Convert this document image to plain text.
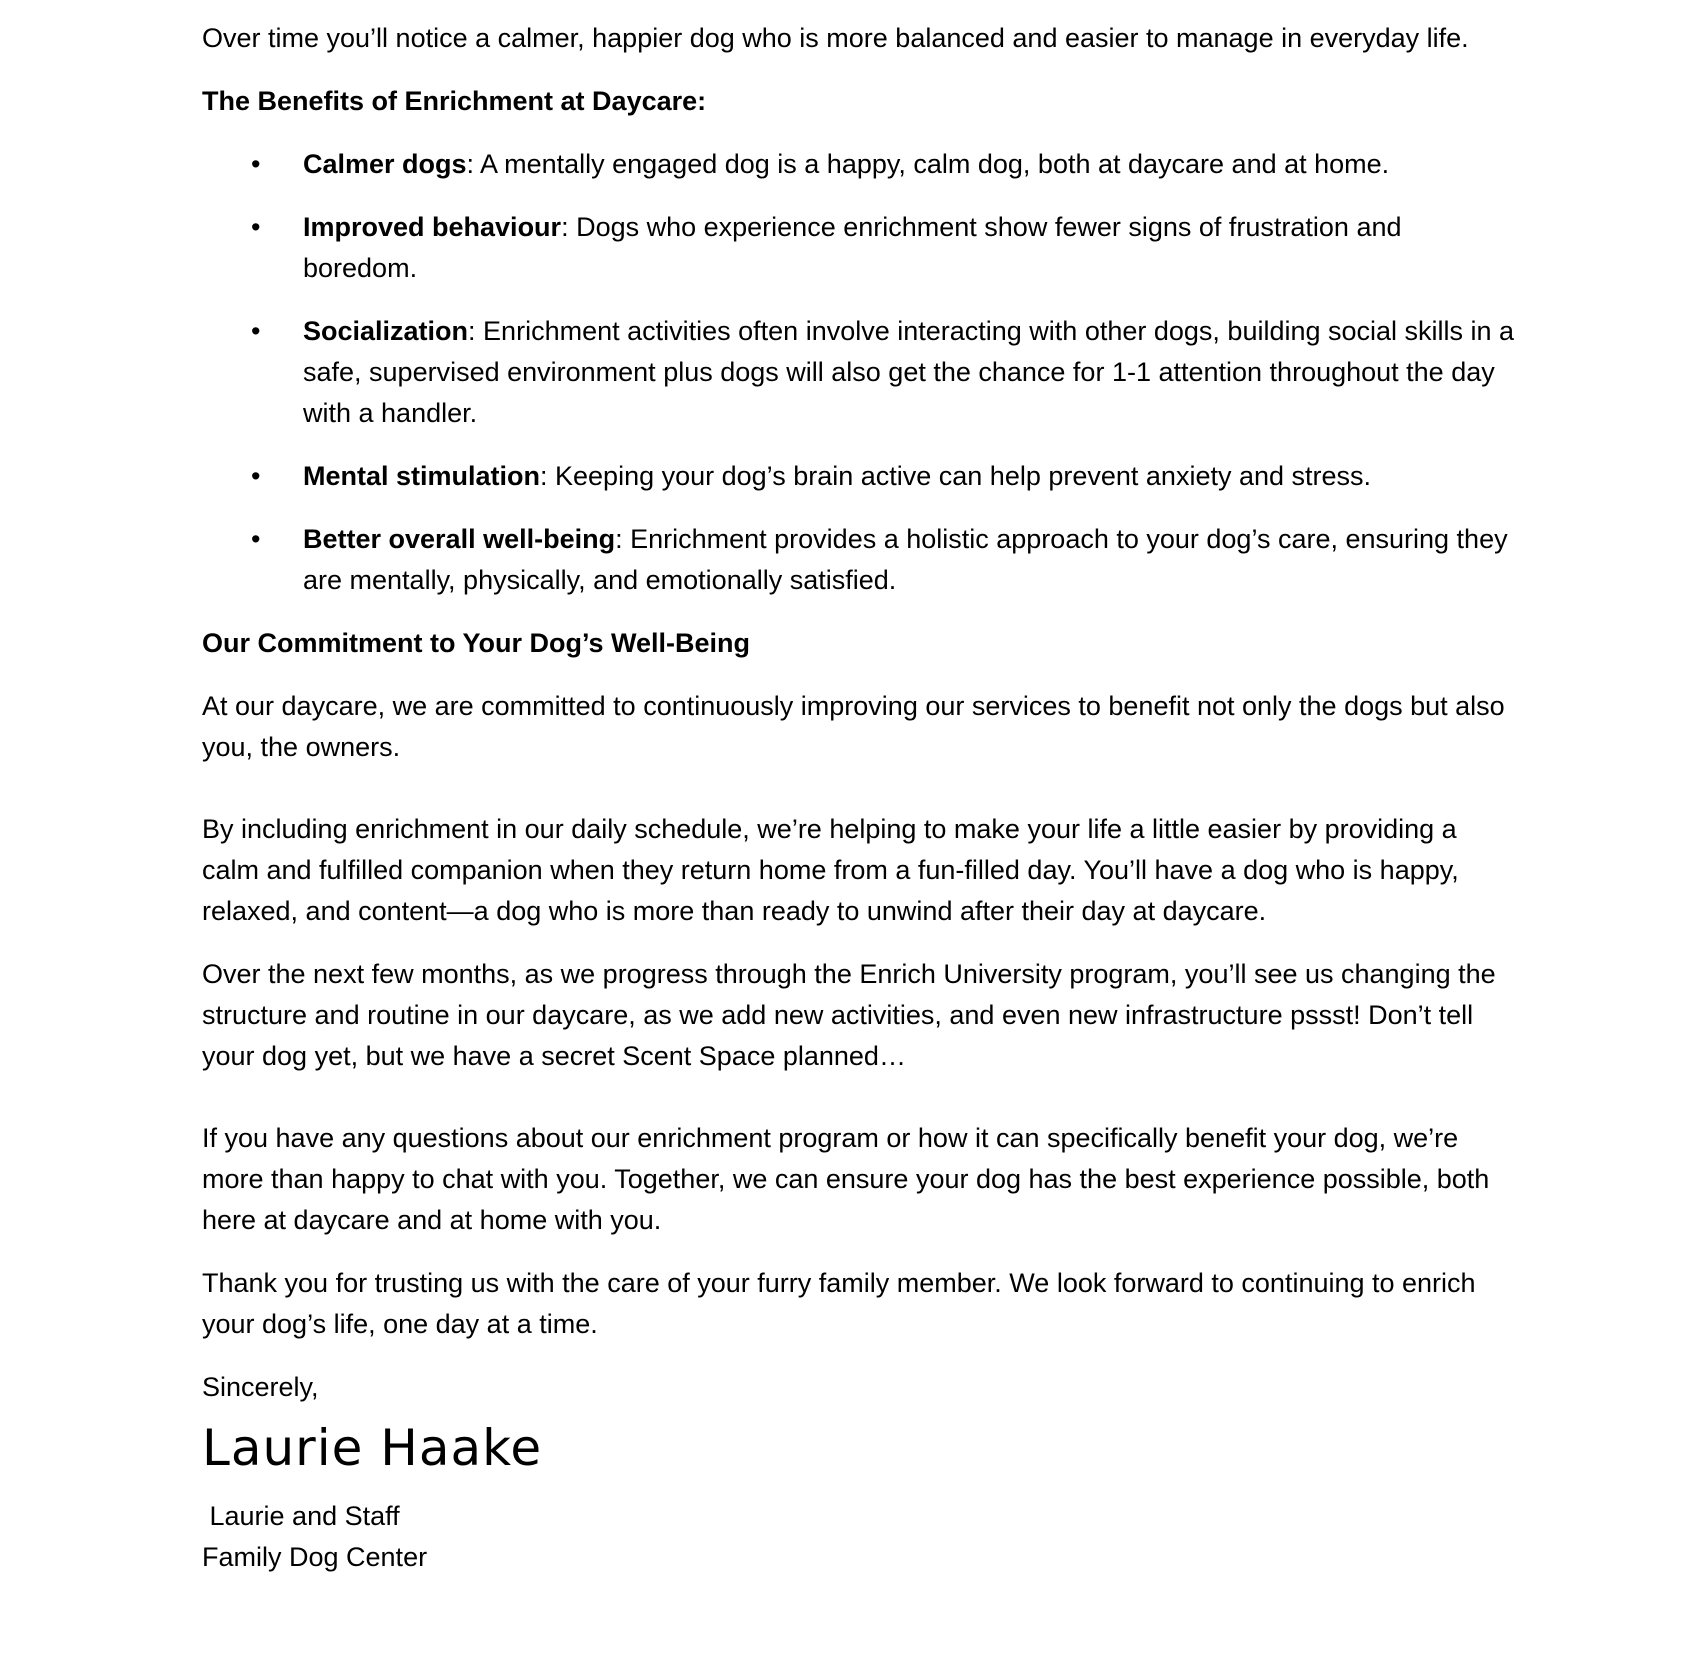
Over time you’ll notice a calmer, happier dog who is more balanced and easier to manage in everyday life.

The Benefits of Enrichment at Daycare:

• Calmer dogs: A mentally engaged dog is a happy, calm dog, both at daycare and at home.
• Improved behaviour: Dogs who experience enrichment show fewer signs of frustration and boredom.
• Socialization: Enrichment activities often involve interacting with other dogs, building social skills in a safe, supervised environment plus dogs will also get the chance for 1-1 attention throughout the day with a handler.
• Mental stimulation: Keeping your dog’s brain active can help prevent anxiety and stress.
• Better overall well-being: Enrichment provides a holistic approach to your dog’s care, ensuring they are mentally, physically, and emotionally satisfied.

Our Commitment to Your Dog’s Well-Being

At our daycare, we are committed to continuously improving our services to benefit not only the dogs but also you, the owners.

By including enrichment in our daily schedule, we’re helping to make your life a little easier by providing a calm and fulfilled companion when they return home from a fun-filled day. You’ll have a dog who is happy, relaxed, and content—a dog who is more than ready to unwind after their day at daycare.

Over the next few months, as we progress through the Enrich University program, you’ll see us changing the structure and routine in our daycare, as we add new activities, and even new infrastructure pssst! Don’t tell your dog yet, but we have a secret Scent Space planned…

If you have any questions about our enrichment program or how it can specifically benefit your dog, we’re more than happy to chat with you. Together, we can ensure your dog has the best experience possible, both here at daycare and at home with you.

Thank you for trusting us with the care of your furry family member. We look forward to continuing to enrich your dog’s life, one day at a time.

Sincerely,

Laurie Haake

Laurie and Staff

Family Dog Center
